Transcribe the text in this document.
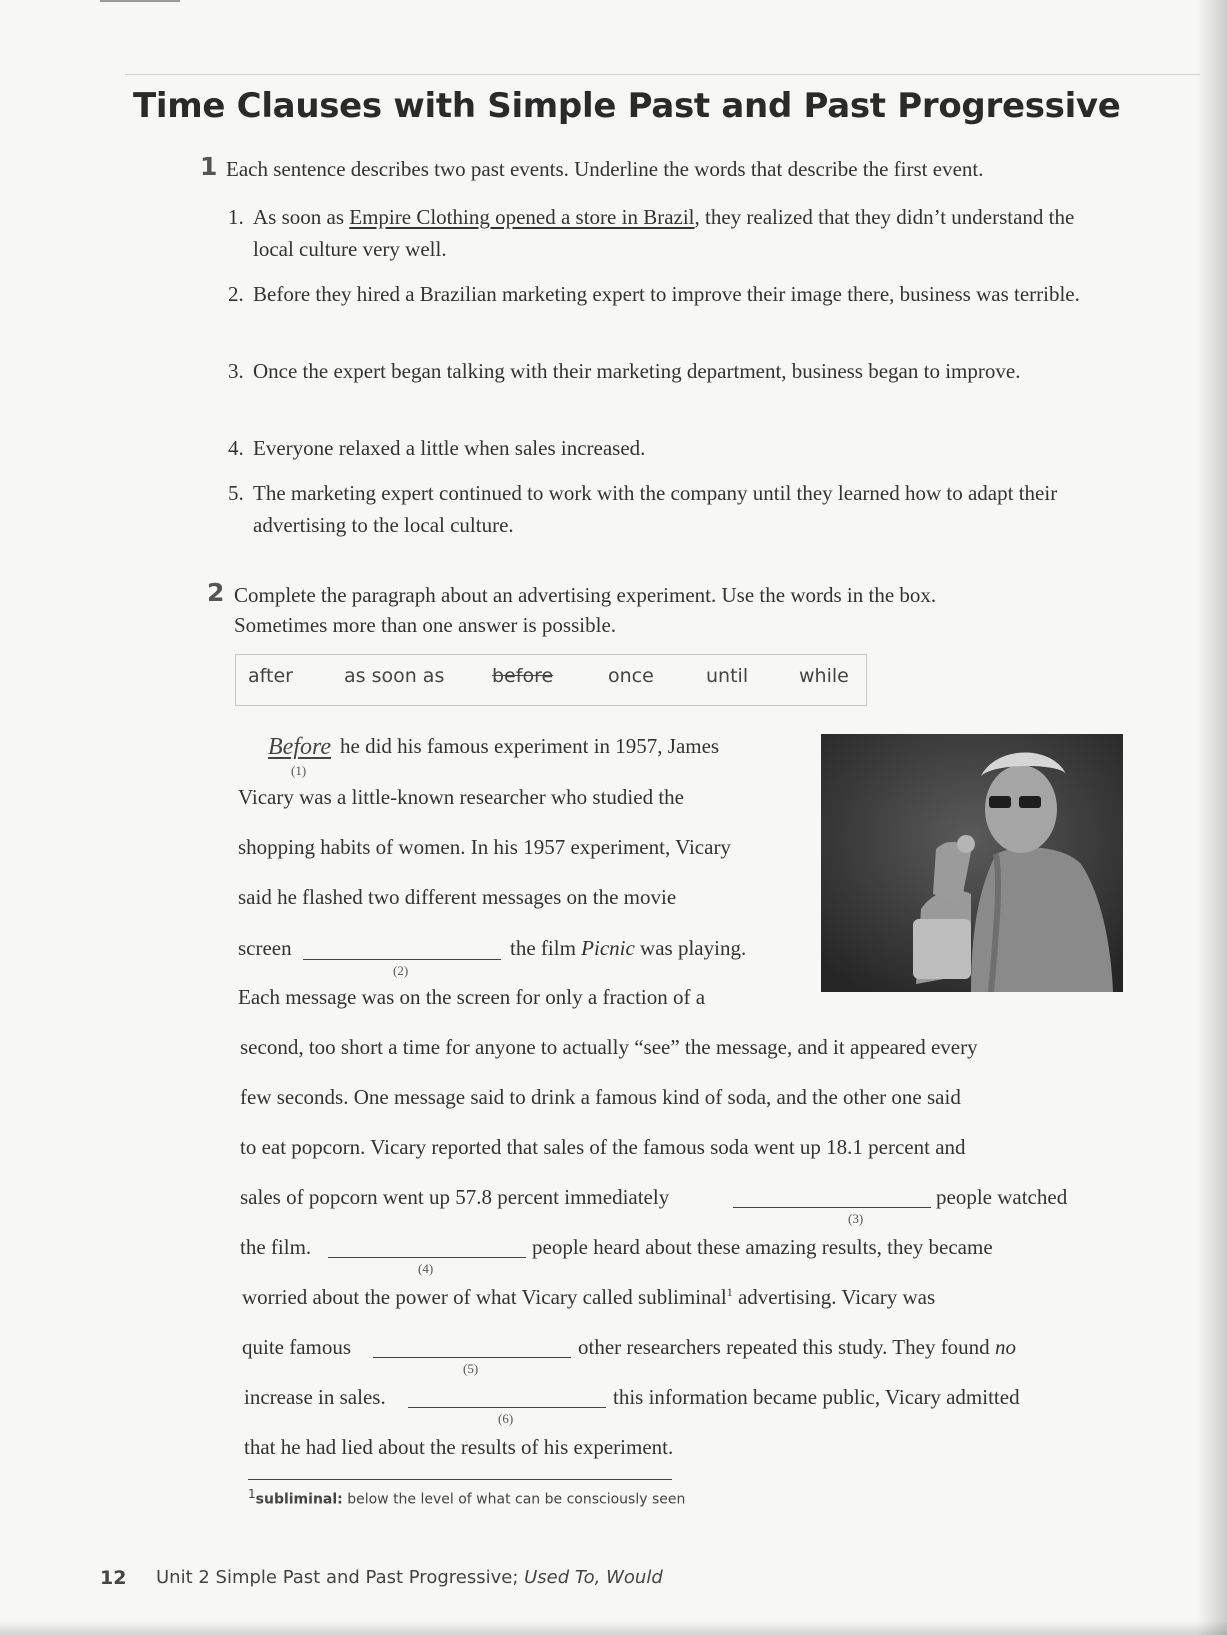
Time Clauses with Simple Past and Past Progressive
1 Each sentence describes two past events. Underline the words that describe the first event.
1. As soon as Empire Clothing opened a store in Brazil, they realized that they didn’t understand the local culture very well.
2. Before they hired a Brazilian marketing expert to improve their image there, business was terrible.
3. Once the expert began talking with their marketing department, business began to improve.
4. Everyone relaxed a little when sales increased.
5. The marketing expert continued to work with the company until they learned how to adapt their advertising to the local culture.
2 Complete the paragraph about an advertising experiment. Use the words in the box.
Sometimes more than one answer is possible.
after	as soon as	before	once	until	while
Before
(1)
he did his famous experiment in 1957, James
Vicary was a little-known researcher who studied the
shopping habits of women. In his 1957 experiment, Vicary
said he flashed two different messages on the movie
screen
(2)
the film Picnic was playing.
Each message was on the screen for only a fraction of a
second, too short a time for anyone to actually “see” the message, and it appeared every
few seconds. One message said to drink a famous kind of soda, and the other one said
to eat popcorn. Vicary reported that sales of the famous soda went up 18.1 percent and
sales of popcorn went up 57.8 percent immediately
(3)
people watched
the film.
(4)
people heard about these amazing results, they became
worried about the power of what Vicary called subliminal$^1$ advertising. Vicary was
quite famous
(5)
other researchers repeated this study. They found no
increase in sales.
(6)
this information became public, Vicary admitted
that he had lied about the results of his experiment.
$^1$subliminal: below the level of what can be consciously seen
12 Unit 2 Simple Past and Past Progressive; Used To, Would
